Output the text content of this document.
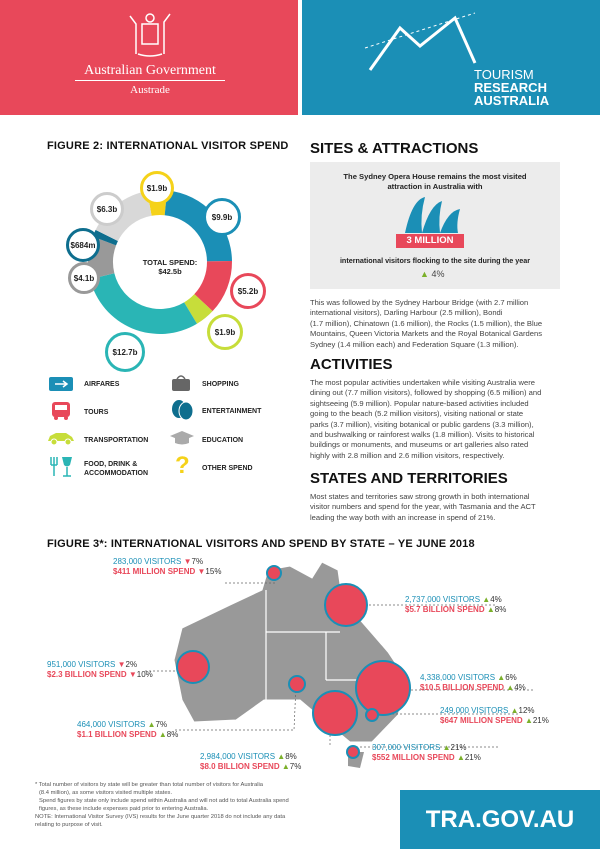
Australian Government
Austrade
TOURISM
RESEARCH
AUSTRALIA
FIGURE 2: INTERNATIONAL VISITOR SPEND
TOTAL SPEND:
$42.5b
$1.9b
$9.9b
$5.2b
$1.9b
$12.7b
$4.1b
$684m
$6.3b
AIRFARES	SHOPPING
TOURS	ENTERTAINMENT
TRANSPORTATION	EDUCATION
FOOD, DRINK &
ACCOMMODATION ? OTHER SPEND
SITES & ATTRACTIONS
The Sydney Opera House remains the most visited
attraction in Australia with
3 MILLION
international visitors flocking to the site during the year
▲ 4%
This was followed by the Sydney Harbour Bridge (with 2.7 million
international visitors), Darling Harbour (2.5 million), Bondi
(1.7 million), Chinatown (1.6 million), the Rocks (1.5 million), the Blue
Mountains, Queen Victoria Markets and the Royal Botanical Gardens
Sydney (1.4 million each) and Federation Square (1.3 million).
ACTIVITIES
The most popular activities undertaken while visiting Australia were
dining out (7.7 million visitors), followed by shopping (6.5 million) and
sightseeing (5.9 million). Popular nature-based activities included
going to the beach (5.2 million visitors), visiting national or state
parks (3.7 million), visiting botanical or public gardens (3.3 million),
and bushwalking or rainforest walks (1.8 million). Visits to historical
buildings or monuments, and museums or art galleries also rated
highly with 2.8 million and 2.6 million visitors, respectively.
STATES AND TERRITORIES
Most states and territories saw strong growth in both international
visitor numbers and spend for the year, with Tasmania and the ACT
leading the way both with an increase in spend of 21%.
FIGURE 3*: INTERNATIONAL VISITORS AND SPEND BY STATE – YE JUNE 2018
283,000 VISITORS ▼7%
$411 MILLION SPEND ▼15%
2,737,000 VISITORS ▲4%
$5.7 BILLION SPEND ▲8%
951,000 VISITORS ▼2%
$2.3 BILLION SPEND ▼10%	4,338,000 VISITORS ▲6%
$10.5 BILLION SPEND ▲4%
249,000 VISITORS ▲12%
$647 MILLION SPEND ▲21%
464,000 VISITORS ▲7%
$1.1 BILLION SPEND ▲8%
2,984,000 VISITORS ▲8%
$8.0 BILLION SPEND ▲7%
307,000 VISITORS ▲21%
$552 MILLION SPEND ▲21%
* Total number of visitors by state will be greater than total number of visitors for Australia
(8.4 million), as some visitors visited multiple states.
Spend figures by state only include spend within Australia and will not add to total Australia spend
figures, as these include expenses paid prior to entering Australia.
NOTE: International Visitor Survey (IVS) results for the June quarter 2018 do not include any data
relating to purpose of visit.	TRA.GOV.AU
